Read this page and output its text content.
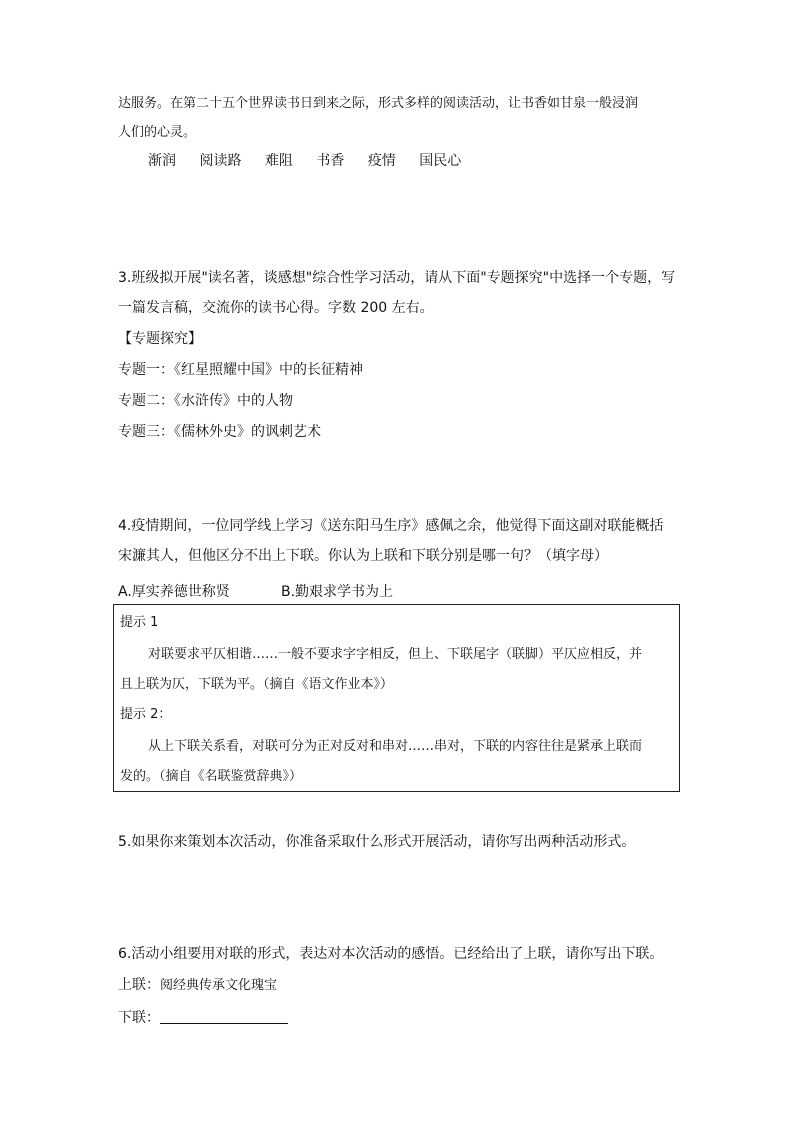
达服务。在第二十五个世界读书日到来之际，形式多样的阅读活动，让书香如甘泉一般浸润
人们的心灵。
渐润 阅读路 难阻 书香 疫情 国民心
3.班级拟开展"读名著，谈感想"综合性学习活动，请从下面"专题探究"中选择一个专题，写
一篇发言稿，交流你的读书心得。字数 200 左右。
【专题探究】
专题一：《红星照耀中国》中的长征精神
专题二：《水浒传》中的人物
专题三：《儒林外史》的讽刺艺术
4.疫情期间，一位同学线上学习《送东阳马生序》感佩之余，他觉得下面这副对联能概括
宋濂其人，但他区分不出上下联。你认为上联和下联分别是哪一句？（填字母）
A.厚实养德世称贤	B.勤艰求学书为上
提示 1
对联要求平仄相谐……一般不要求字字相反，但上、下联尾字（联脚）平仄应相反，并
且上联为仄，下联为平。（摘自《语文作业本》）
提示 2：
从上下联关系看，对联可分为正对反对和串对……串对，下联的内容往往是紧承上联而
发的。（摘自《名联鉴赏辞典》）
5.如果你来策划本次活动，你准备采取什么形式开展活动，请你写出两种活动形式。
6.活动小组要用对联的形式，表达对本次活动的感悟。已经给出了上联，请你写出下联。
上联：阅经典传承文化瑰宝
下联：
